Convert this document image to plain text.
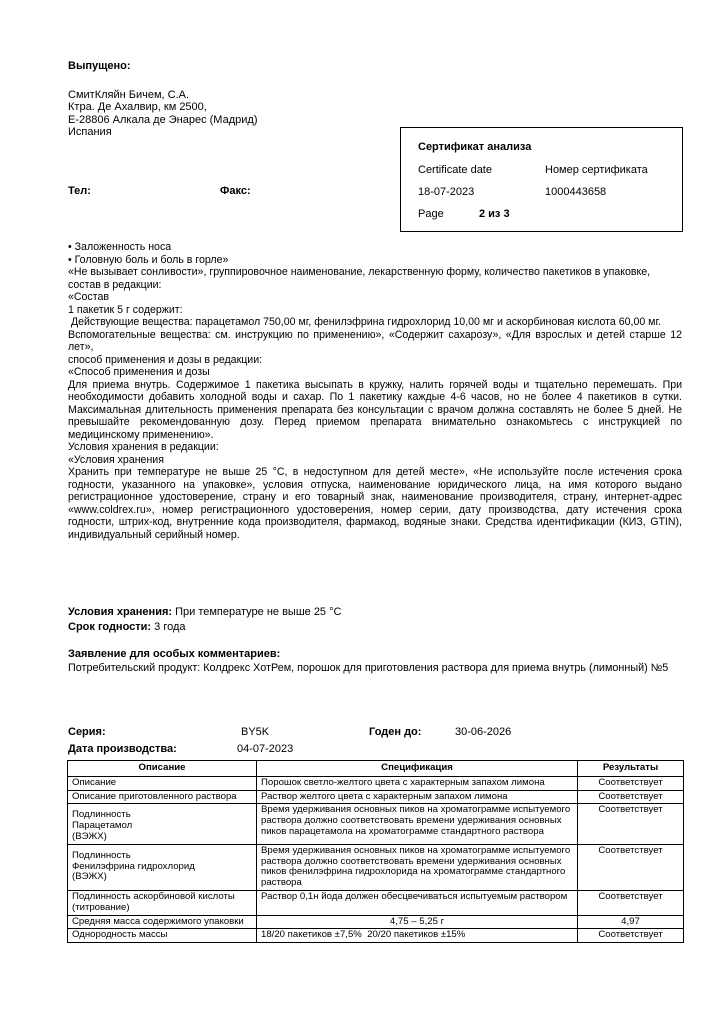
Выпущено:
СмитКляйн Бичем, С.А.
Ктра. Де Ахалвир, км 2500,
Е-28806 Алкала де Энарес (Мадрид)
Испания
Тел:	Факс:
Сертификат анализа
Certificate date	Номер сертификата
18-07-2023	1000443658
Page	2 из 3
• Заложенность носа
• Головную боль и боль в горле»
«Не вызывает сонливости», группировочное наименование, лекарственную форму, количество пакетиков в упаковке, состав в редакции:
«Состав
1 пакетик 5 г содержит:
Действующие вещества: парацетамол 750,00 мг, фенилэфрина гидрохлорид 10,00 мг и аскорбиновая кислота 60,00 мг.
Вспомогательные вещества: см. инструкцию по применению», «Содержит сахарозу», «Для взрослых и детей старше 12 лет»,
способ применения и дозы в редакции:
«Способ применения и дозы
Для приема внутрь. Содержимое 1 пакетика высыпать в кружку, налить горячей воды и тщательно перемешать. При необходимости добавить холодной воды и сахар. По 1 пакетику каждые 4-6 часов, но не более 4 пакетиков в сутки. Максимальная длительность применения препарата без консультации с врачом должна составлять не более 5 дней. Не превышайте рекомендованную дозу. Перед приемом препарата внимательно ознакомьтесь с инструкцией по медицинскому применению».
Условия хранения в редакции:
«Условия хранения
Хранить при температуре не выше 25 °С, в недоступном для детей месте», «Не используйте после истечения срока годности, указанного на упаковке», условия отпуска, наименование юридического лица, на имя которого выдано регистрационное удостоверение, страну и его товарный знак, наименование производителя, страну, интернет-адрес «www.coldrex.ru», номер регистрационного удостоверения, номер серии, дату производства, дату истечения срока годности, штрих-код, внутренние кода производителя, фармакод, водяные знаки. Средства идентификации (КИЗ, GTIN), индивидуальный серийный номер.
Условия хранения: При температуре не выше 25 °С
Срок годности: 3 года
Заявление для особых комментариев:
Потребительский продукт: Колдрекс ХотРем, порошок для приготовления раствора для приема внутрь (лимонный) №5
Серия:	BY5K	Годен до:	30-06-2026
Дата производства:	04-07-2023
Описание	Спецификация	Результаты
Описание	Порошок светло-желтого цвета с характерным запахом лимона	Соответствует
Описание приготовленного раствора	Раствор желтого цвета с характерным запахом лимона	Соответствует
Подлинность
Парацетамол
(ВЭЖХ)	Время удерживания основных пиков на хроматограмме испытуемого раствора должно соответствовать времени удерживания основных пиков парацетамола на хроматограмме стандартного раствора	Соответствует
Подлинность
Фенилэфрина гидрохлорид
(ВЭЖХ)	Время удерживания основных пиков на хроматограмме испытуемого раствора должно соответствовать времени удерживания основных пиков фенилэфрина гидрохлорида на хроматограмме стандартного раствора	Соответствует
Подлинность аскорбиновой кислоты (титрование)	Раствор 0,1н йода должен обесцвечиваться испытуемым раствором	Соответствует
Средняя масса содержимого упаковки	4,75 – 5,25 г	4,97
Однородность массы	18/20 пакетиков ±7,5%  20/20 пакетиков ±15%	Соответствует
